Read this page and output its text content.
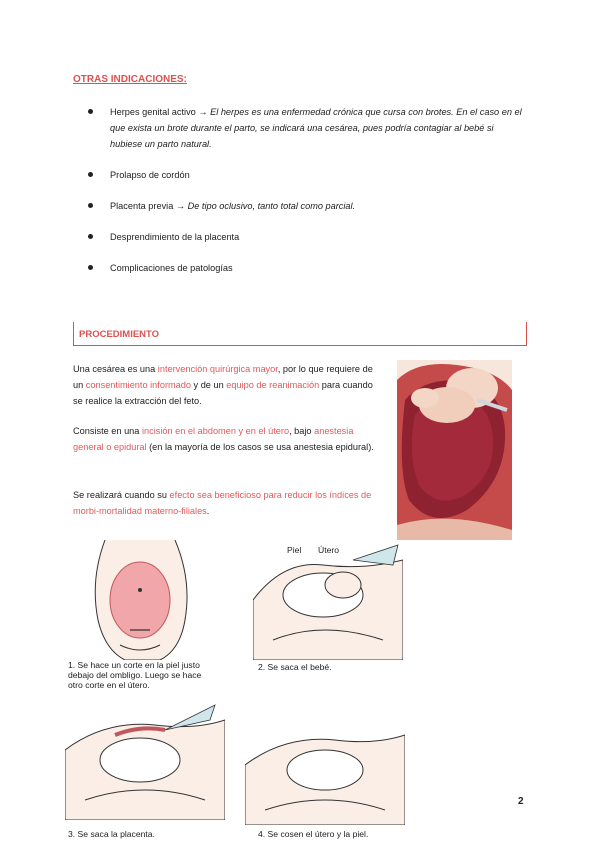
OTRAS INDICACIONES:
Herpes genital activo → El herpes es una enfermedad crónica que cursa con brotes. En el caso en el que exista un brote durante el parto, se indicará una cesárea, pues podría contagiar al bebé si hubiese un parto natural.
Prolapso de cordón
Placenta previa → De tipo oclusivo, tanto total como parcial.
Desprendimiento de la placenta
Complicaciones de patologías
PROCEDIMIENTO

Una cesárea es una intervención quirúrgica mayor, por lo que requiere de un consentimiento informado y de un equipo de reanimación para cuando se realice la extracción del feto.

Consiste en una incisión en el abdomen y en el útero, bajo anestesia general o epidural (en la mayoría de los casos se usa anestesia epidural).

Se realizará cuando su efecto sea beneficioso para reducir los índices de morbi-mortalidad materno-filiales.

1. Se hace un corte en la piel justo debajo del ombligo. Luego se hace otro corte en el útero.

Piel Útero

2. Se saca el bebé.

3. Se saca la placenta.	4. Se cosen el útero y la piel.

2
